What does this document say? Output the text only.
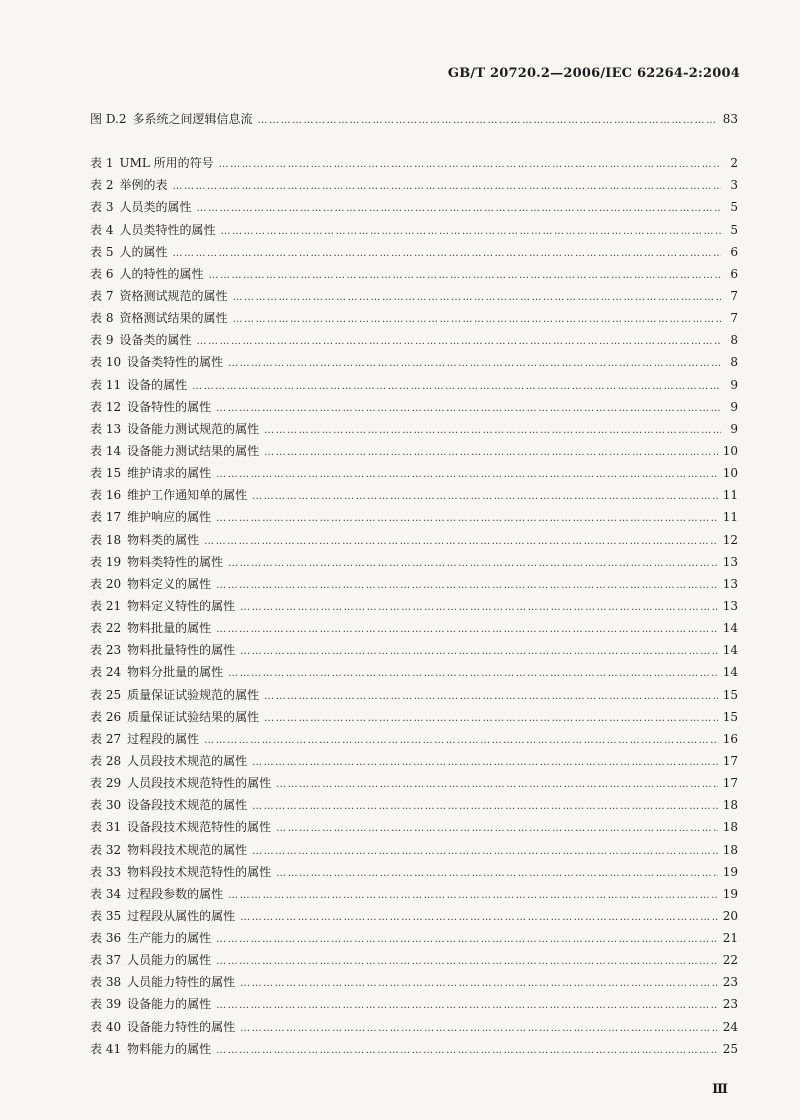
GB/T 20720.2—2006/IEC 62264-2:2004
图 D.2 多系统之间逻辑信息流 …………………………………………………………………………………………………………………………………………………………………………………………	83
表 1 UML 所用的符号 …………………………………………………………………………………………………………………………………………………………………………………………	2
表 2 举例的表 …………………………………………………………………………………………………………………………………………………………………………………………	3
表 3 人员类的属性 …………………………………………………………………………………………………………………………………………………………………………………………	5
表 4 人员类特性的属性 …………………………………………………………………………………………………………………………………………………………………………………………	5
表 5 人的属性 …………………………………………………………………………………………………………………………………………………………………………………………	6
表 6 人的特性的属性 …………………………………………………………………………………………………………………………………………………………………………………………	6
表 7 资格测试规范的属性 …………………………………………………………………………………………………………………………………………………………………………………………	7
表 8 资格测试结果的属性 …………………………………………………………………………………………………………………………………………………………………………………………	7
表 9 设备类的属性 …………………………………………………………………………………………………………………………………………………………………………………………	8
表 10 设备类特性的属性 …………………………………………………………………………………………………………………………………………………………………………………………	8
表 11 设备的属性 …………………………………………………………………………………………………………………………………………………………………………………………	9
表 12 设备特性的属性 …………………………………………………………………………………………………………………………………………………………………………………………	9
表 13 设备能力测试规范的属性 …………………………………………………………………………………………………………………………………………………………………………………………	9
表 14 设备能力测试结果的属性 …………………………………………………………………………………………………………………………………………………………………………………………	10
表 15 维护请求的属性 …………………………………………………………………………………………………………………………………………………………………………………………	10
表 16 维护工作通知单的属性 …………………………………………………………………………………………………………………………………………………………………………………………	11
表 17 维护响应的属性 …………………………………………………………………………………………………………………………………………………………………………………………	11
表 18 物料类的属性 …………………………………………………………………………………………………………………………………………………………………………………………	12
表 19 物料类特性的属性 …………………………………………………………………………………………………………………………………………………………………………………………	13
表 20 物料定义的属性 …………………………………………………………………………………………………………………………………………………………………………………………	13
表 21 物料定义特性的属性 …………………………………………………………………………………………………………………………………………………………………………………………	13
表 22 物料批量的属性 …………………………………………………………………………………………………………………………………………………………………………………………	14
表 23 物料批量特性的属性 …………………………………………………………………………………………………………………………………………………………………………………………	14
表 24 物料分批量的属性 …………………………………………………………………………………………………………………………………………………………………………………………	14
表 25 质量保证试验规范的属性 …………………………………………………………………………………………………………………………………………………………………………………………	15
表 26 质量保证试验结果的属性 …………………………………………………………………………………………………………………………………………………………………………………………	15
表 27 过程段的属性 …………………………………………………………………………………………………………………………………………………………………………………………	16
表 28 人员段技术规范的属性 …………………………………………………………………………………………………………………………………………………………………………………………	17
表 29 人员段技术规范特性的属性 …………………………………………………………………………………………………………………………………………………………………………………………	17
表 30 设备段技术规范的属性 …………………………………………………………………………………………………………………………………………………………………………………………	18
表 31 设备段技术规范特性的属性 …………………………………………………………………………………………………………………………………………………………………………………………	18
表 32 物料段技术规范的属性 …………………………………………………………………………………………………………………………………………………………………………………………	18
表 33 物料段技术规范特性的属性 …………………………………………………………………………………………………………………………………………………………………………………………	19
表 34 过程段参数的属性 …………………………………………………………………………………………………………………………………………………………………………………………	19
表 35 过程段从属性的属性 …………………………………………………………………………………………………………………………………………………………………………………………	20
表 36 生产能力的属性 …………………………………………………………………………………………………………………………………………………………………………………………	21
表 37 人员能力的属性 …………………………………………………………………………………………………………………………………………………………………………………………	22
表 38 人员能力特性的属性 …………………………………………………………………………………………………………………………………………………………………………………………	23
表 39 设备能力的属性 …………………………………………………………………………………………………………………………………………………………………………………………	23
表 40 设备能力特性的属性 …………………………………………………………………………………………………………………………………………………………………………………………	24
表 41 物料能力的属性 …………………………………………………………………………………………………………………………………………………………………………………………	25
Ⅲ
